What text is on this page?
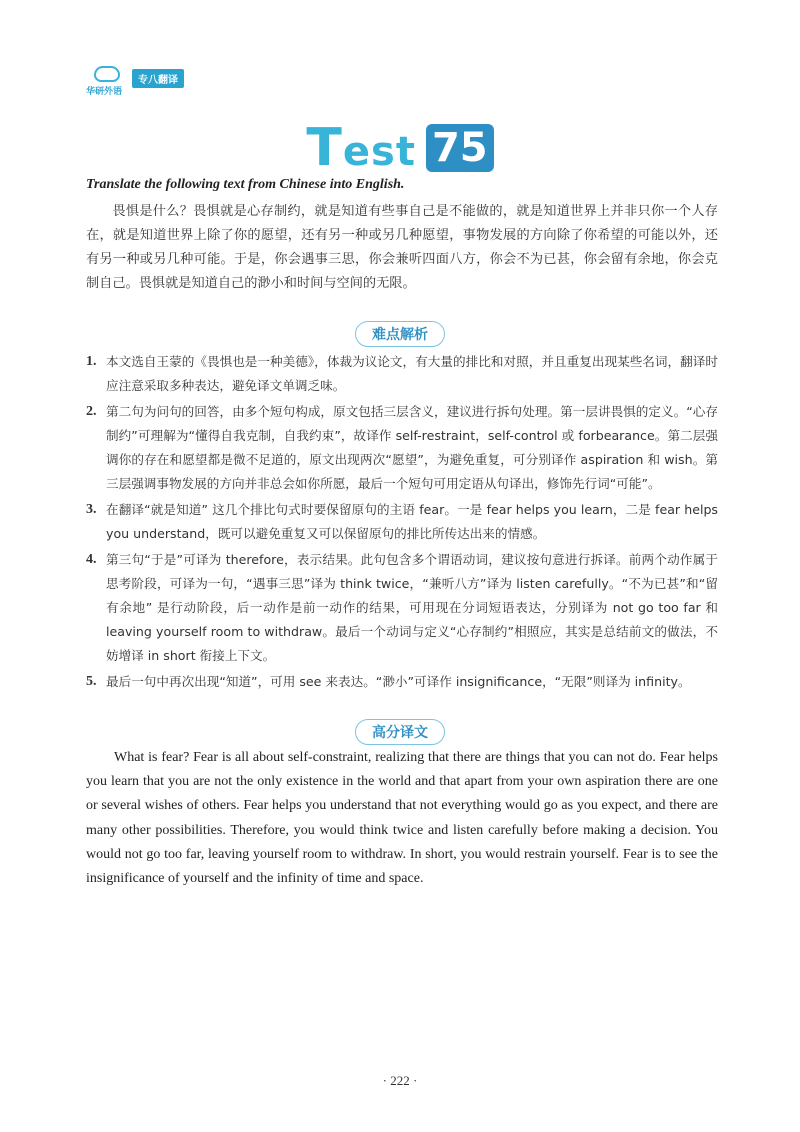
华研外语
专八翻译
Test 75
Translate the following text from Chinese into English.
畏惧是什么？畏惧就是心存制约，就是知道有些事自己是不能做的，就是知道世界上并非只你一个人存在，就是知道世界上除了你的愿望，还有另一种或另几种愿望，事物发展的方向除了你希望的可能以外，还有另一种或另几种可能。于是，你会遇事三思，你会兼听四面八方，你会不为已甚，你会留有余地，你会克制自己。畏惧就是知道自己的渺小和时间与空间的无限。
难点解析
1. 本文选自王蒙的《畏惧也是一种美德》，体裁为议论文，有大量的排比和对照，并且重复出现某些名词，翻译时应注意采取多种表达，避免译文单调乏味。
2. 第二句为问句的回答，由多个短句构成，原文包括三层含义，建议进行拆句处理。第一层讲畏惧的定义。“心存制约”可理解为“懂得自我克制，自我约束”，故译作 self-restraint，self-control 或 forbearance。第二层强调你的存在和愿望都是微不足道的，原文出现两次“愿望”，为避免重复，可分别译作 aspiration 和 wish。第三层强调事物发展的方向并非总会如你所愿，最后一个短句可用定语从句译出，修饰先行词“可能”。
3. 在翻译“就是知道” 这几个排比句式时要保留原句的主语 fear。一是 fear helps you learn，二是 fear helps you understand，既可以避免重复又可以保留原句的排比所传达出来的情感。
4. 第三句“于是”可译为 therefore，表示结果。此句包含多个谓语动词，建议按句意进行拆译。前两个动作属于思考阶段，可译为一句，“遇事三思”译为 think twice，“兼听八方”译为 listen carefully。“不为已甚”和“留有余地” 是行动阶段，后一动作是前一动作的结果，可用现在分词短语表达，分别译为 not go too far 和 leaving yourself room to withdraw。最后一个动词与定义“心存制约”相照应，其实是总结前文的做法，不妨增译 in short 衔接上下文。
5. 最后一句中再次出现“知道”，可用 see 来表达。“渺小”可译作 insignificance，“无限”则译为 infinity。
高分译文
What is fear? Fear is all about self-constraint, realizing that there are things that you can not do. Fear helps you learn that you are not the only existence in the world and that apart from your own aspiration there are one or several wishes of others. Fear helps you understand that not everything would go as you expect, and there are many other possibilities. Therefore, you would think twice and listen carefully before making a decision. You would not go too far, leaving yourself room to withdraw. In short, you would restrain yourself. Fear is to see the insignificance of yourself and the infinity of time and space.
· 222 ·
